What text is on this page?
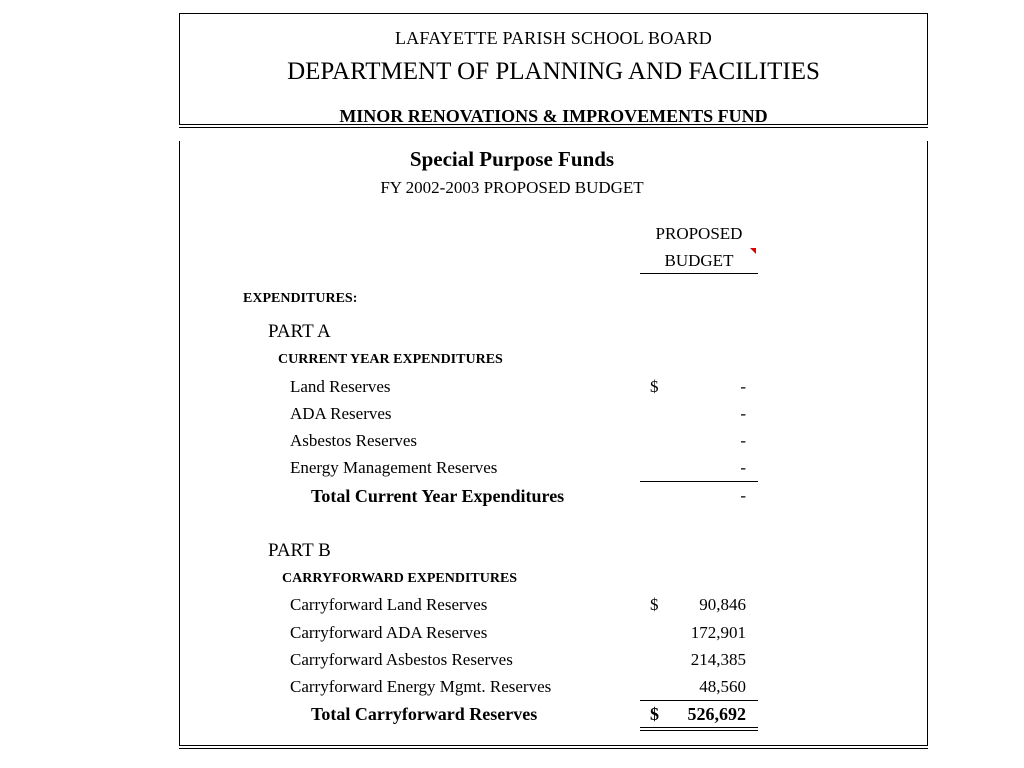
LAFAYETTE PARISH SCHOOL BOARD
DEPARTMENT OF PLANNING AND FACILITIES
MINOR RENOVATIONS & IMPROVEMENTS FUND
Special Purpose Funds
FY 2002-2003 PROPOSED BUDGET
PROPOSED
BUDGET
EXPENDITURES:
PART A
CURRENT YEAR EXPENDITURES
Land Reserves	$	-
ADA Reserves	-
Asbestos Reserves	-
Energy Management Reserves	-
Total Current Year Expenditures	-
PART B
CARRYFORWARD EXPENDITURES
Carryforward Land Reserves	$	90,846
Carryforward ADA Reserves	172,901
Carryforward Asbestos Reserves	214,385
Carryforward Energy Mgmt. Reserves	48,560
Total Carryforward Reserves	$	526,692
